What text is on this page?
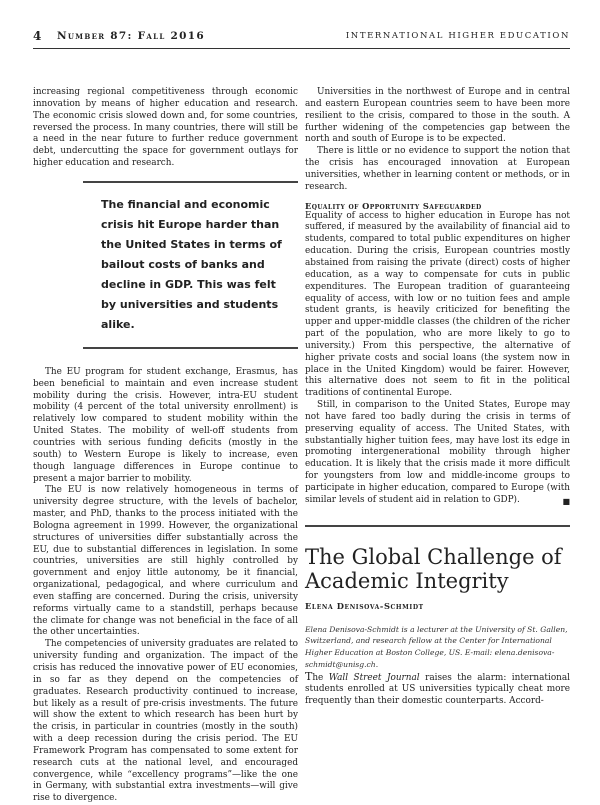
4 Number 87: Fall 2016	INTERNATIONAL HIGHER EDUCATION

increasing regional competitiveness through economic innovation by means of higher education and research. The economic crisis slowed down and, for some countries, reversed the process. In many countries, there will still be a need in the near future to further reduce government debt, undercutting the space for government outlays for higher education and research.

The financial and economic crisis hit Europe harder than the United States in terms of bailout costs of banks and decline in GDP. This was felt by universities and students alike.

The EU program for student exchange, Erasmus, has been beneficial to maintain and even increase student mobility during the crisis. However, intra-EU student mobility (4 percent of the total university enrollment) is relatively low compared to student mobility within the United States. The mobility of well-off students from countries with serious funding deficits (mostly in the south) to Western Europe is likely to increase, even though language differences in Europe continue to present a major barrier to mobility.

The EU is now relatively homogeneous in terms of university degree structure, with the levels of bachelor, master, and PhD, thanks to the process initiated with the Bologna agreement in 1999. However, the organizational structures of universities differ substantially across the EU, due to substantial differences in legislation. In some countries, universities are still highly controlled by government and enjoy little autonomy, be it financial, organizational, pedagogical, and where curriculum and even staffing are concerned. During the crisis, university reforms virtually came to a standstill, perhaps because the climate for change was not beneficial in the face of all the other uncertainties.

The competencies of university graduates are related to university funding and organization. The impact of the crisis has reduced the innovative power of EU economies, in so far as they depend on the competencies of graduates. Research productivity continued to increase, but likely as a result of pre-crisis investments. The future will show the extent to which research has been hurt by the crisis, in particular in countries (mostly in the south) with a deep recession during the crisis period. The EU Framework Program has compensated to some extent for research cuts at the national level, and encouraged convergence, while “excellency programs”—like the one in Germany, with substantial extra investments—will give rise to divergence.

Universities in the northwest of Europe and in central and eastern European countries seem to have been more resilient to the crisis, compared to those in the south. A further widening of the competencies gap between the north and south of Europe is to be expected.

There is little or no evidence to support the notion that the crisis has encouraged innovation at European universities, whether in learning content or methods, or in research.

Equality of Opportunity Safeguarded

Equality of access to higher education in Europe has not suffered, if measured by the availability of financial aid to students, compared to total public expenditures on higher education. During the crisis, European countries mostly abstained from raising the private (direct) costs of higher education, as a way to compensate for cuts in public expenditures. The European tradition of guaranteeing equality of access, with low or no tuition fees and ample student grants, is heavily criticized for benefiting the upper and upper-middle classes (the children of the richer part of the population, who are more likely to go to university.) From this perspective, the alternative of higher private costs and social loans (the system now in place in the United Kingdom) would be fairer. However, this alternative does not seem to fit in the political traditions of continental Europe.

Still, in comparison to the United States, Europe may not have fared too badly during the crisis in terms of preserving equality of access. The United States, with substantially higher tuition fees, may have lost its edge in promoting intergenerational mobility through higher education. It is likely that the crisis made it more difficult for youngsters from low and middle-income groups to participate in higher education, compared to Europe (with similar levels of student aid in relation to GDP).	■

The Global Challenge of Academic Integrity
Elena Denisova-Schmidt

Elena Denisova-Schmidt is a lecturer at the University of St. Gallen, Switzerland, and research fellow at the Center for International Higher Education at Boston College, US. E-mail: elena.denisova-schmidt@unisg.ch.

The Wall Street Journal raises the alarm: international students enrolled at US universities typically cheat more frequently than their domestic counterparts. Accord-
